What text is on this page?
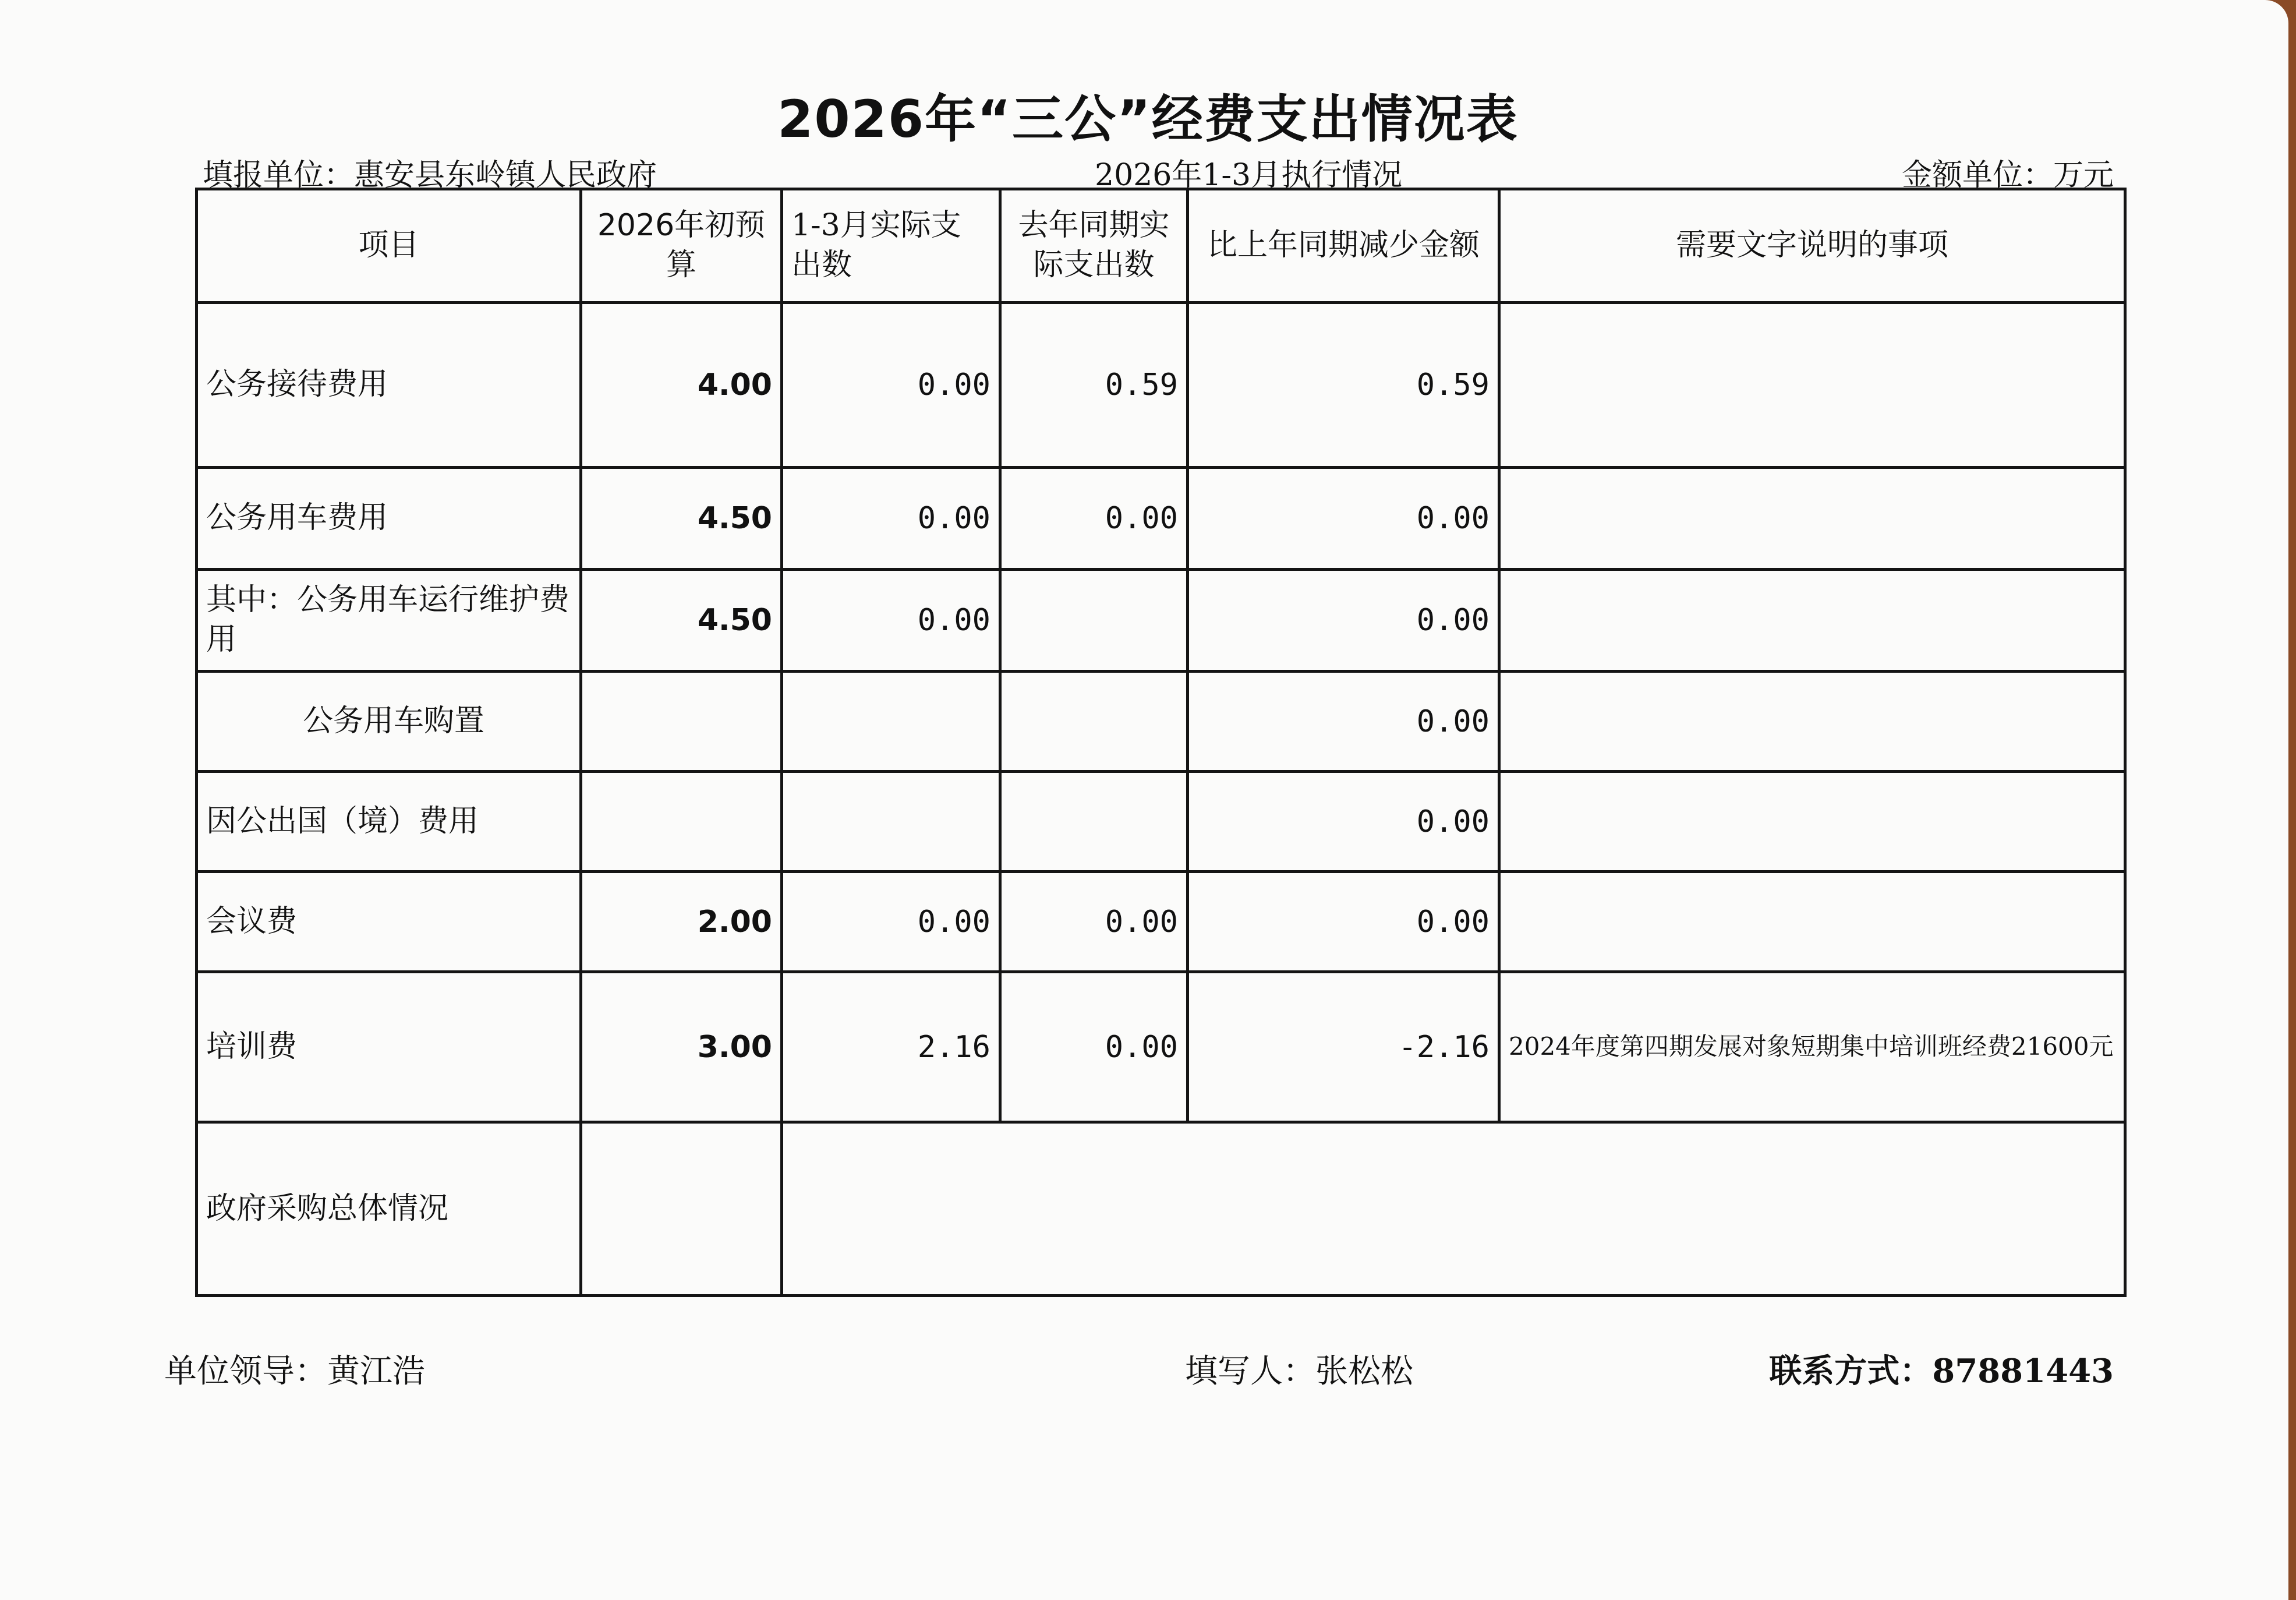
2026年“三公”经费支出情况表
填报单位：惠安县东岭镇人民政府	2026年1-3月执行情况	金额单位：万元
项目	2026年初预算	1-3月实际支出数	去年同期实际支出数	比上年同期减少金额	需要文字说明的事项
公务接待费用	4.00	0.00	0.59	0.59	
公务用车费用	4.50	0.00	0.00	0.00	
其中：公务用车运行维护费用	4.50	0.00		0.00	
公务用车购置				0.00	
因公出国（境）费用				0.00	
会议费	2.00	0.00	0.00	0.00	
培训费	3.00	2.16	0.00	-2.16	2024年度第四期发展对象短期集中培训班经费21600元
政府采购总体情况					
单位领导：黄江浩	填写人：张松松	联系方式：87881443
